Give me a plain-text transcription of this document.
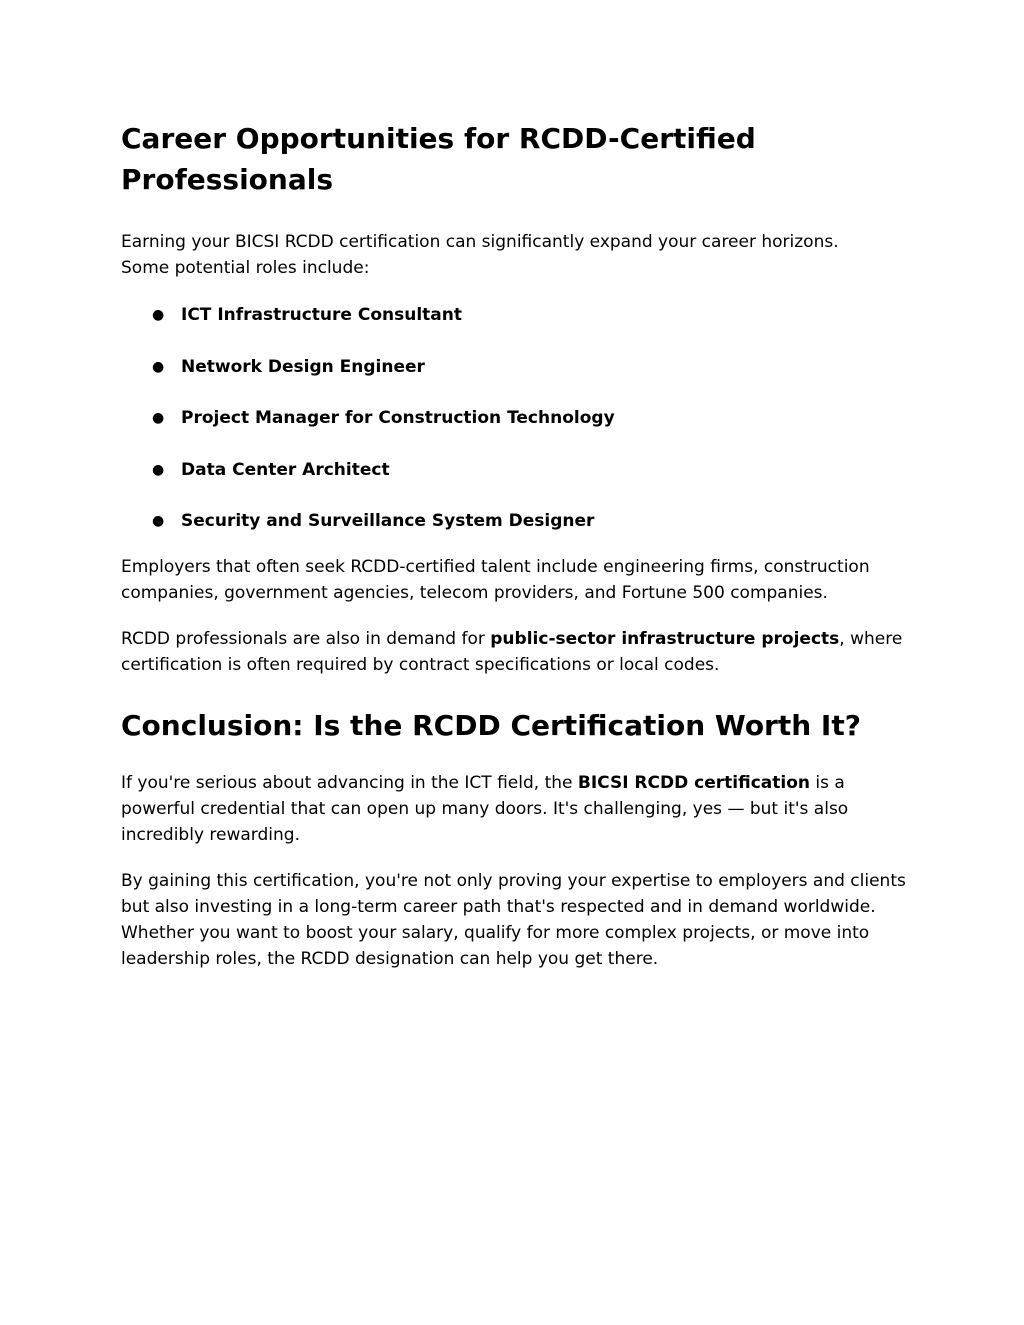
Career Opportunities for RCDD-Certified Professionals

Earning your BICSI RCDD certification can significantly expand your career horizons. Some potential roles include:

● ICT Infrastructure Consultant
● Network Design Engineer
● Project Manager for Construction Technology
● Data Center Architect
● Security and Surveillance System Designer

Employers that often seek RCDD-certified talent include engineering firms, construction companies, government agencies, telecom providers, and Fortune 500 companies.

RCDD professionals are also in demand for public-sector infrastructure projects, where certification is often required by contract specifications or local codes.

Conclusion: Is the RCDD Certification Worth It?

If you're serious about advancing in the ICT field, the BICSI RCDD certification is a powerful credential that can open up many doors. It's challenging, yes — but it's also incredibly rewarding.

By gaining this certification, you're not only proving your expertise to employers and clients but also investing in a long-term career path that's respected and in demand worldwide. Whether you want to boost your salary, qualify for more complex projects, or move into leadership roles, the RCDD designation can help you get there.
